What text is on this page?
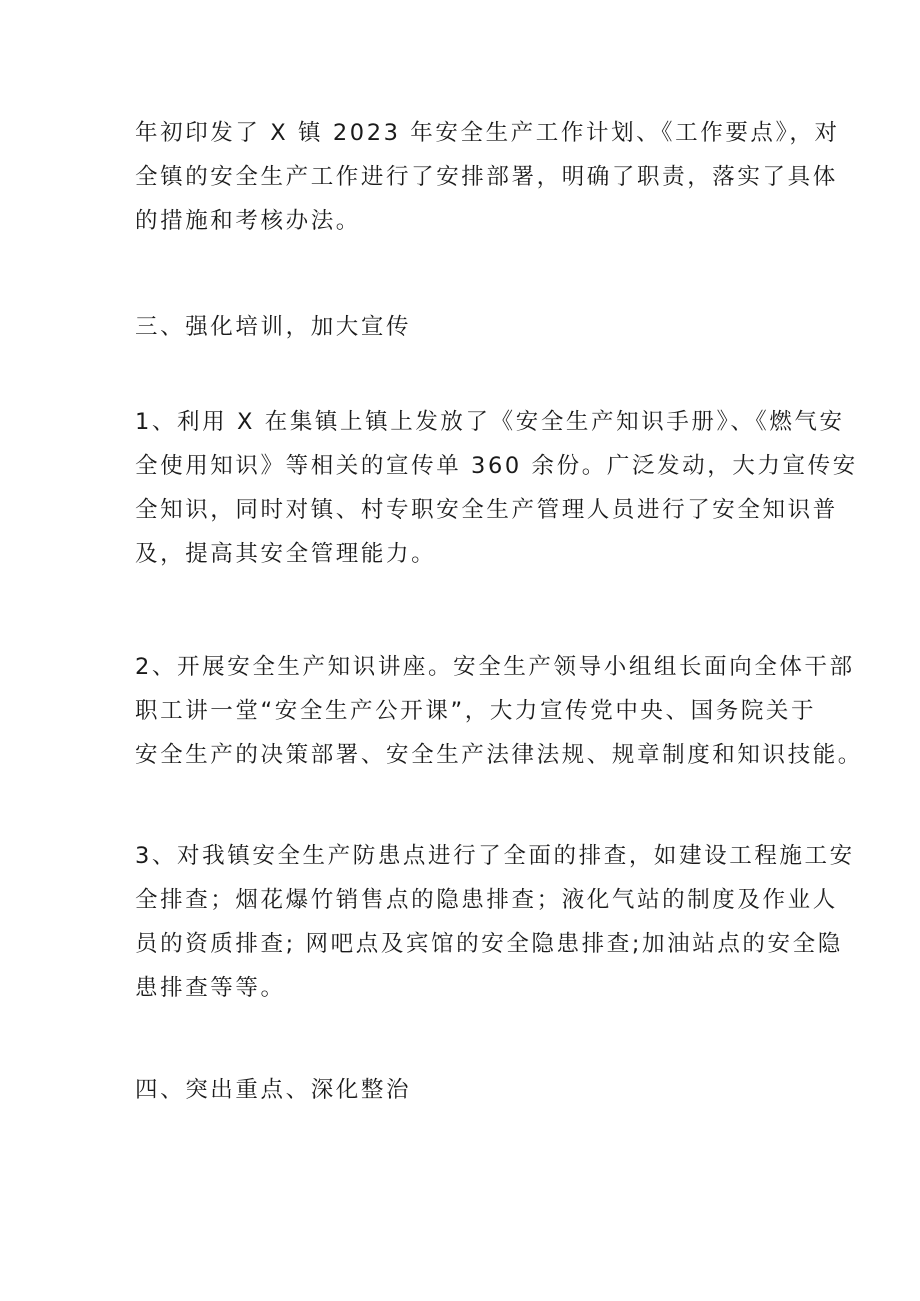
年初印发了 X 镇 2023 年安全生产工作计划、《工作要点》，对
全镇的安全生产工作进行了安排部署，明确了职责，落实了具体
的措施和考核办法。
三、强化培训，加大宣传
1、利用 X 在集镇上镇上发放了《安全生产知识手册》、《燃气安
全使用知识》等相关的宣传单 360 余份。广泛发动，大力宣传安
全知识，同时对镇、村专职安全生产管理人员进行了安全知识普
及，提高其安全管理能力。
2、开展安全生产知识讲座。安全生产领导小组组长面向全体干部
职工讲一堂“安全生产公开课”，大力宣传党中央、国务院关于
安全生产的决策部署、安全生产法律法规、规章制度和知识技能。
3、对我镇安全生产防患点进行了全面的排查，如建设工程施工安
全排查；烟花爆竹销售点的隐患排查；液化气站的制度及作业人
员的资质排查; 网吧点及宾馆的安全隐患排查;加油站点的安全隐
患排查等等。
四、突出重点、深化整治
